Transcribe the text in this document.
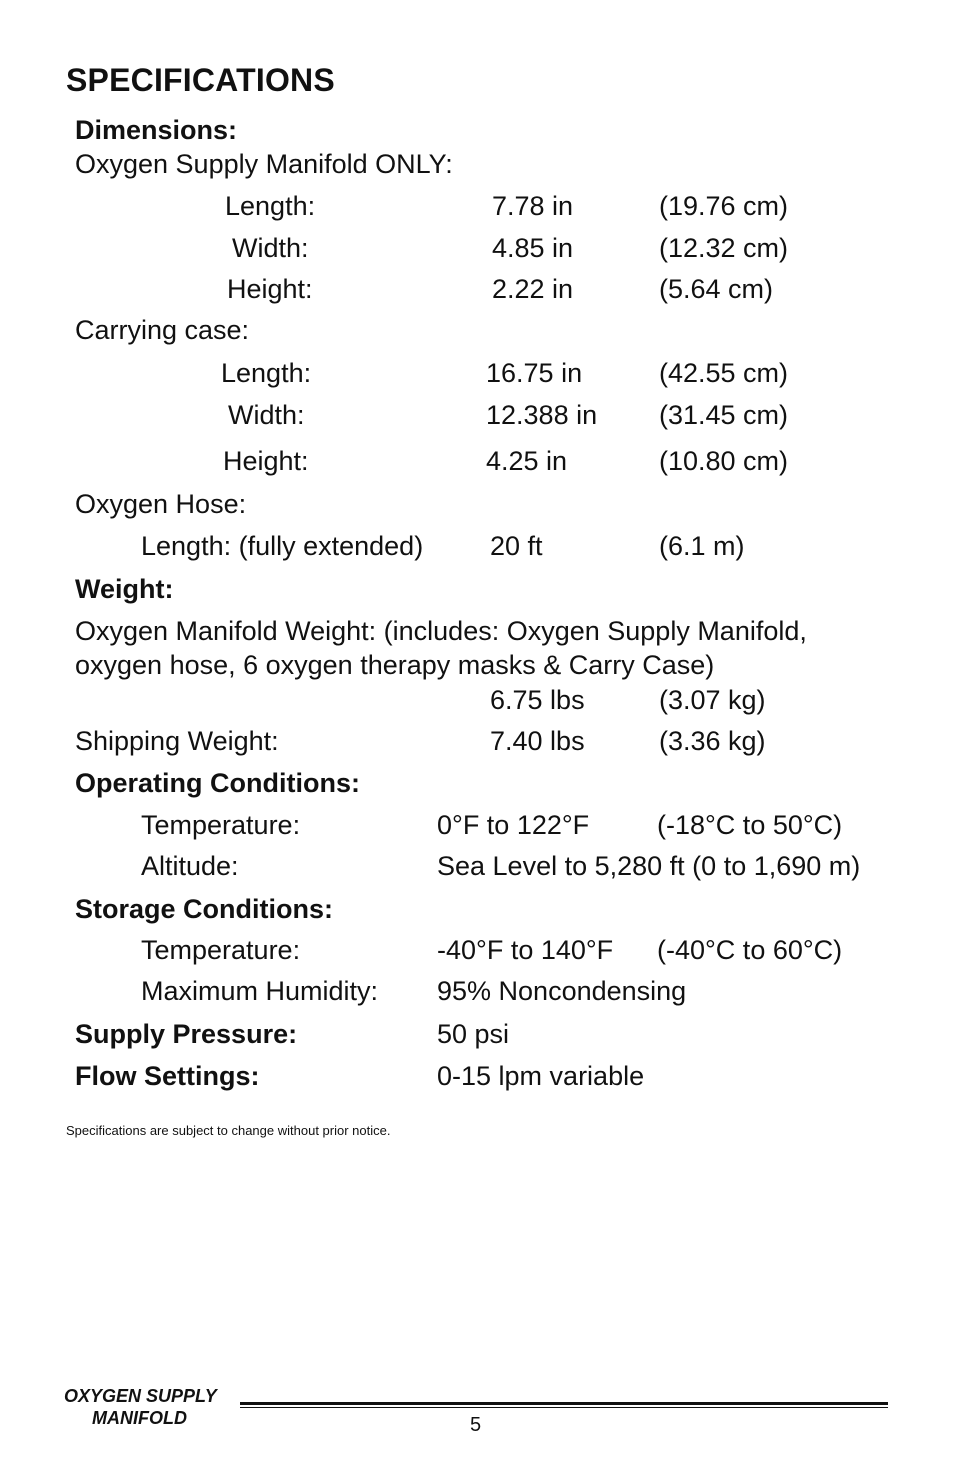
SPECIFICATIONS
Dimensions:
Oxygen Supply Manifold ONLY:
Length:	7.78 in	(19.76 cm)
Width:	4.85 in	(12.32 cm)
Height:	2.22 in	(5.64 cm)
Carrying case:
Length:	16.75 in	(42.55 cm)
Width:	12.388 in (31.45 cm)
Height:	4.25 in	(10.80 cm)
Oxygen Hose:
Length: (fully extended) 20 ft	(6.1 m)
Weight:
Oxygen Manifold Weight: (includes: Oxygen Supply Manifold,
oxygen hose, 6 oxygen therapy masks & Carry Case)
6.75 lbs	(3.07 kg)
Shipping Weight:	7.40 lbs	(3.36 kg)
Operating Conditions:
Temperature:	0°F to 122°F	(-18°C to 50°C)
Altitude:	Sea Level to 5,280 ft (0 to 1,690 m)
Storage Conditions:
Temperature:	-40°F to 140°F (-40°C to 60°C)
Maximum Humidity: 95% Noncondensing
Supply Pressure:	50 psi
Flow Settings:	0-15 lpm variable
Specifications are subject to change without prior notice.
OXYGEN SUPPLY
MANIFOLD	5
